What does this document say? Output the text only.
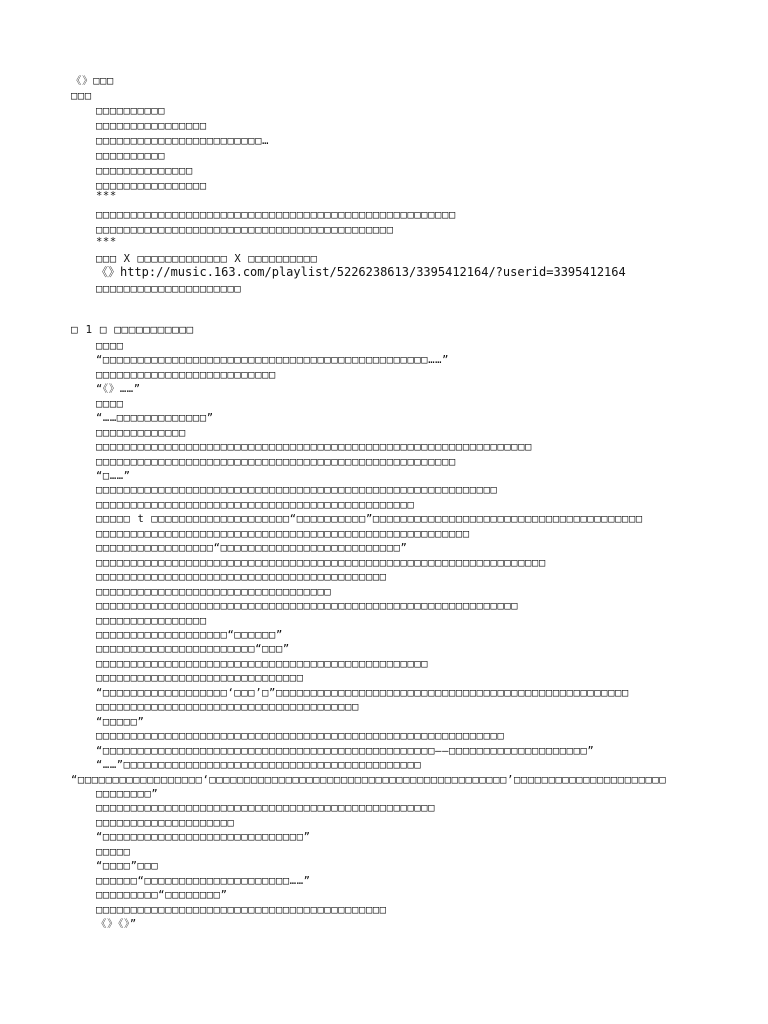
《》□□□
□□□
□□□□□□□□□□
□□□□□□□□□□□□□□□□
□□□□□□□□□□□□□□□□□□□□□□□□…
□□□□□□□□□□
□□□□□□□□□□□□□□
□□□□□□□□□□□□□□□□
***
□□□□□□□□□□□□□□□□□□□□□□□□□□□□□□□□□□□□□□□□□□□□□□□□□□□□
□□□□□□□□□□□□□□□□□□□□□□□□□□□□□□□□□□□□□□□□□□□
***
□□□ X □□□□□□□□□□□□□ X □□□□□□□□□□
《》http://music.163.com/playlist/5226238613/3395412164/?userid=3395412164
□□□□□□□□□□□□□□□□□□□□□
□ 1 □ □□□□□□□□□□□
□□□□
“□□□□□□□□□□□□□□□□□□□□□□□□□□□□□□□□□□□□□□□□□□□□□□□……”
□□□□□□□□□□□□□□□□□□□□□□□□□□
“《》……”
□□□□
“……□□□□□□□□□□□□□”
□□□□□□□□□□□□□
□□□□□□□□□□□□□□□□□□□□□□□□□□□□□□□□□□□□□□□□□□□□□□□□□□□□□□□□□□□□□□□
□□□□□□□□□□□□□□□□□□□□□□□□□□□□□□□□□□□□□□□□□□□□□□□□□□□□
“□……”
□□□□□□□□□□□□□□□□□□□□□□□□□□□□□□□□□□□□□□□□□□□□□□□□□□□□□□□□□□
□□□□□□□□□□□□□□□□□□□□□□□□□□□□□□□□□□□□□□□□□□□□□□
□□□□□ t □□□□□□□□□□□□□□□□□□□□“□□□□□□□□□□”□□□□□□□□□□□□□□□□□□□□□□□□□□□□□□□□□□□□□□□
□□□□□□□□□□□□□□□□□□□□□□□□□□□□□□□□□□□□□□□□□□□□□□□□□□□□□□
□□□□□□□□□□□□□□□□□“□□□□□□□□□□□□□□□□□□□□□□□□□□”
□□□□□□□□□□□□□□□□□□□□□□□□□□□□□□□□□□□□□□□□□□□□□□□□□□□□□□□□□□□□□□□□□
□□□□□□□□□□□□□□□□□□□□□□□□□□□□□□□□□□□□□□□□□□
□□□□□□□□□□□□□□□□□□□□□□□□□□□□□□□□□□
□□□□□□□□□□□□□□□□□□□□□□□□□□□□□□□□□□□□□□□□□□□□□□□□□□□□□□□□□□□□□
□□□□□□□□□□□□□□□□
□□□□□□□□□□□□□□□□□□□“□□□□□□”
□□□□□□□□□□□□□□□□□□□□□□□“□□□”
□□□□□□□□□□□□□□□□□□□□□□□□□□□□□□□□□□□□□□□□□□□□□□□□
□□□□□□□□□□□□□□□□□□□□□□□□□□□□□□
“□□□□□□□□□□□□□□□□□□‘□□□’□”□□□□□□□□□□□□□□□□□□□□□□□□□□□□□□□□□□□□□□□□□□□□□□□□□□□
□□□□□□□□□□□□□□□□□□□□□□□□□□□□□□□□□□□□□□
“□□□□□”
□□□□□□□□□□□□□□□□□□□□□□□□□□□□□□□□□□□□□□□□□□□□□□□□□□□□□□□□□□□
“□□□□□□□□□□□□□□□□□□□□□□□□□□□□□□□□□□□□□□□□□□□□□□□□——□□□□□□□□□□□□□□□□□□□□”
“……”□□□□□□□□□□□□□□□□□□□□□□□□□□□□□□□□□□□□□□□□□□□
“□□□□□□□□□□□□□□□□□□‘□□□□□□□□□□□□□□□□□□□□□□□□□□□□□□□□□□□□□□□□□□□’□□□□□□□□□□□□□□□□□□□□□□
□□□□□□□□”
□□□□□□□□□□□□□□□□□□□□□□□□□□□□□□□□□□□□□□□□□□□□□□□□□
□□□□□□□□□□□□□□□□□□□□
“□□□□□□□□□□□□□□□□□□□□□□□□□□□□□”
□□□□□
“□□□□”□□□
□□□□□□“□□□□□□□□□□□□□□□□□□□□□……”
□□□□□□□□□“□□□□□□□□”
□□□□□□□□□□□□□□□□□□□□□□□□□□□□□□□□□□□□□□□□□□
《》《》”
